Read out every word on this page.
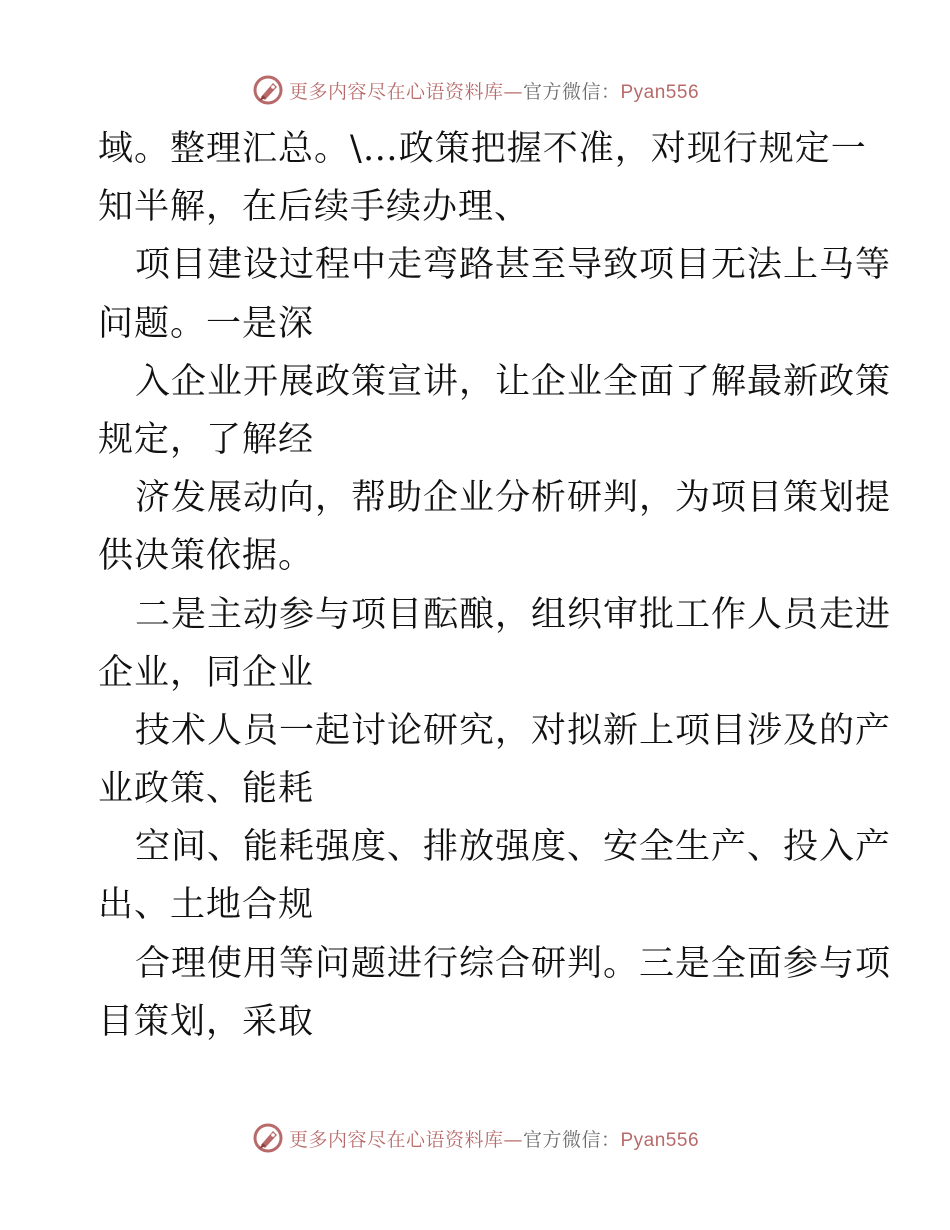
更多内容尽在心语资料库—官方微信：Pyan556
域。整理汇总。\…政策把握不准，对现行规定一
知半解，在后续手续办理、
项目建设过程中走弯路甚至导致项目无法上马等
问题。一是深
入企业开展政策宣讲，让企业全面了解最新政策
规定，了解经
济发展动向，帮助企业分析研判，为项目策划提
供决策依据。
二是主动参与项目酝酿，组织审批工作人员走进
企业，同企业
技术人员一起讨论研究，对拟新上项目涉及的产
业政策、能耗
空间、能耗强度、排放强度、安全生产、投入产
出、土地合规
合理使用等问题进行综合研判。三是全面参与项
目策划，采取
更多内容尽在心语资料库—官方微信：Pyan556
